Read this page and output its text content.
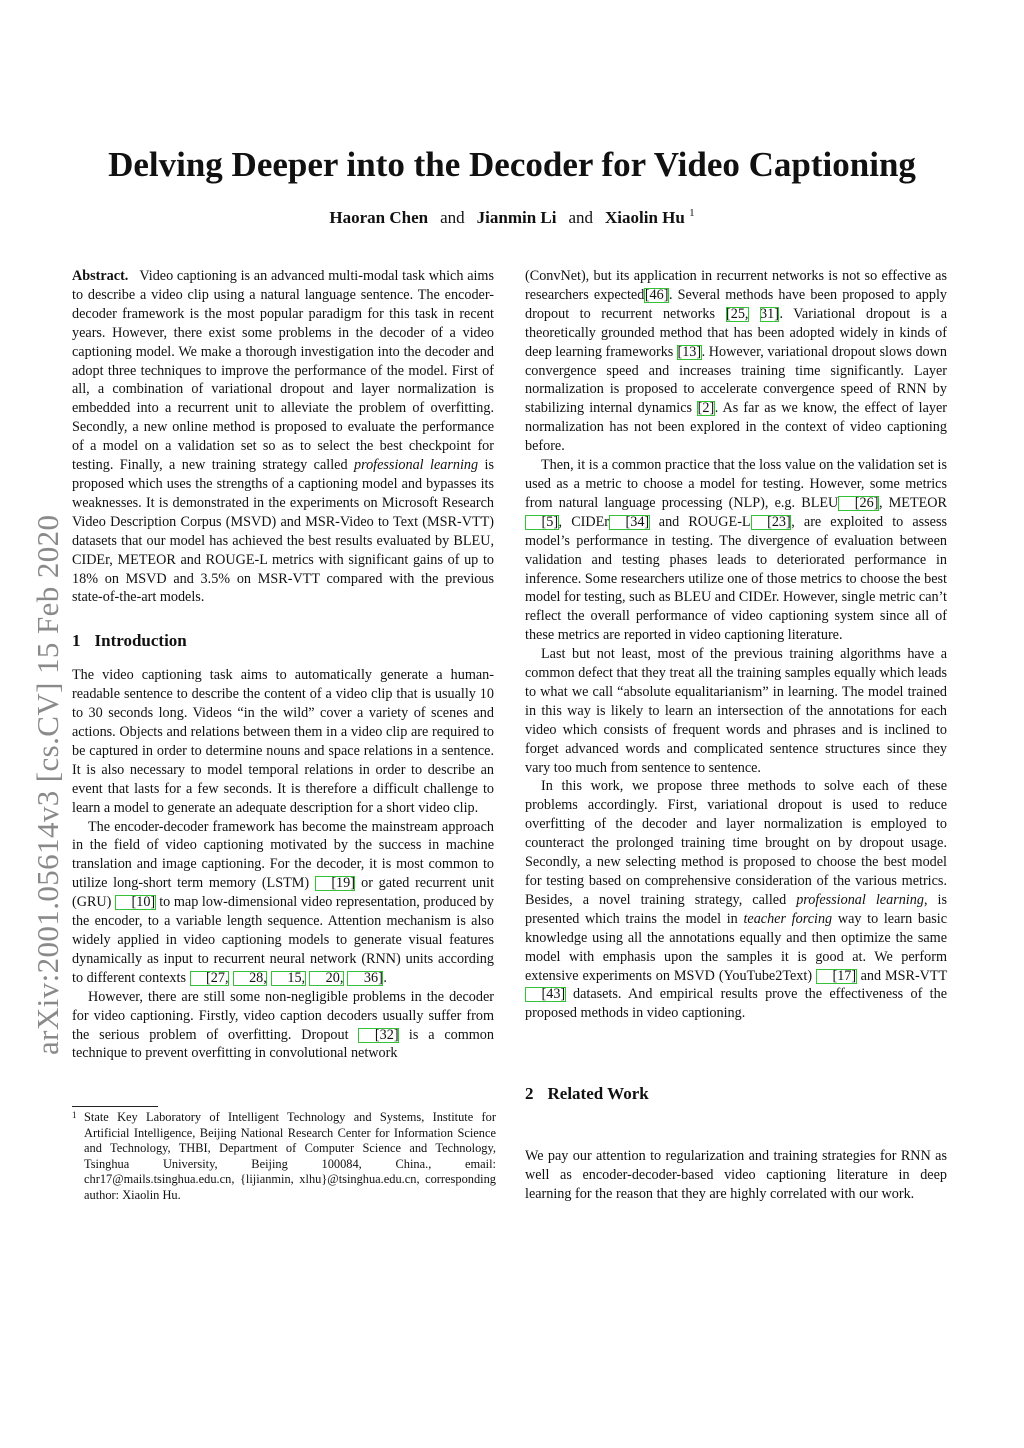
arXiv:2001.05614v3 [cs.CV] 15 Feb 2020
Delving Deeper into the Decoder for Video Captioning
Haoran Chen and Jianmin Li and Xiaolin Hu $^1$

Abstract. Video captioning is an advanced multi-modal task which aims to describe a video clip using a natural language sentence. The encoder-decoder framework is the most popular paradigm for this task in recent years. However, there exist some problems in the decoder of a video captioning model. We make a thorough investigation into the decoder and adopt three techniques to improve the performance of the model. First of all, a combination of variational dropout and layer normalization is embedded into a recurrent unit to alleviate the problem of overfitting. Secondly, a new online method is proposed to evaluate the performance of a model on a validation set so as to select the best checkpoint for testing. Finally, a new training strategy called professional learning is proposed which uses the strengths of a captioning model and bypasses its weaknesses. It is demonstrated in the experiments on Microsoft Research Video Description Corpus (MSVD) and MSR-Video to Text (MSR-VTT) datasets that our model has achieved the best results evaluated by BLEU, CIDEr, METEOR and ROUGE-L metrics with significant gains of up to 18% on MSVD and 3.5% on MSR-VTT compared with the previous state-of-the-art models.

1 Introduction

The video captioning task aims to automatically generate a human-readable sentence to describe the content of a video clip that is usually 10 to 30 seconds long. Videos “in the wild” cover a variety of scenes and actions. Objects and relations between them in a video clip are required to be captured in order to determine nouns and space relations in a sentence. It is also necessary to model temporal relations in order to describe an event that lasts for a few seconds. It is therefore a difficult challenge to learn a model to generate an adequate description for a short video clip.

The encoder-decoder framework has become the mainstream approach in the field of video captioning motivated by the success in machine translation and image captioning. For the decoder, it is most common to utilize long-short term memory (LSTM) [19] or gated recurrent unit (GRU) [10] to map low-dimensional video representation, produced by the encoder, to a variable length sequence. Attention mechanism is also widely applied in video captioning models to generate visual features dynamically as input to recurrent neural network (RNN) units according to different contexts [27, 28, 15, 20, 36].

However, there are still some non-negligible problems in the decoder for video captioning. Firstly, video caption decoders usually suffer from the serious problem of overfitting. Dropout [32] is a common technique to prevent overfitting in convolutional network

1 State Key Laboratory of Intelligent Technology and Systems, Institute for Artificial Intelligence, Beijing National Research Center for Information Science and Technology, THBI, Department of Computer Science and Technology, Tsinghua University, Beijing 100084, China., email: chr17@mails.tsinghua.edu.cn, {lijianmin, xlhu}@tsinghua.edu.cn, corresponding author: Xiaolin Hu.

(ConvNet), but its application in recurrent networks is not so effective as researchers expected[46]. Several methods have been proposed to apply dropout to recurrent networks [25, 31]. Variational dropout is a theoretically grounded method that has been adopted widely in kinds of deep learning frameworks [13]. However, variational dropout slows down convergence speed and increases training time significantly. Layer normalization is proposed to accelerate convergence speed of RNN by stabilizing internal dynamics [2]. As far as we know, the effect of layer normalization has not been explored in the context of video captioning before.

Then, it is a common practice that the loss value on the validation set is used as a metric to choose a model for testing. However, some metrics from natural language processing (NLP), e.g. BLEU [26], METEOR[5], CIDEr [34] and ROUGE-L [23], are exploited to assess model’s performance in testing. The divergence of evaluation between validation and testing phases leads to deteriorated performance in inference. Some researchers utilize one of those metrics to choose the best model for testing, such as BLEU and CIDEr. However, single metric can’t reflect the overall performance of video captioning system since all of these metrics are reported in video captioning literature.

Last but not least, most of the previous training algorithms have a common defect that they treat all the training samples equally which leads to what we call “absolute equalitarianism” in learning. The model trained in this way is likely to learn an intersection of the annotations for each video which consists of frequent words and phrases and is inclined to forget advanced words and complicated sentence structures since they vary too much from sentence to sentence.

In this work, we propose three methods to solve each of these problems accordingly. First, variational dropout is used to reduce overfitting of the decoder and layer normalization is employed to counteract the prolonged training time brought on by dropout usage. Secondly, a new selecting method is proposed to choose the best model for testing based on comprehensive consideration of the various metrics. Besides, a novel training strategy, called professional learning, is presented which trains the model in teacher forcing way to learn basic knowledge using all the annotations equally and then optimize the same model with emphasis upon the samples it is good at. We perform extensive experiments on MSVD (YouTube2Text) [17] and MSR-VTT [43] datasets. And empirical results prove the effectiveness of the proposed methods in video captioning.

2 Related Work

We pay our attention to regularization and training strategies for RNN as well as encoder-decoder-based video captioning literature in deep learning for the reason that they are highly correlated with our work.
